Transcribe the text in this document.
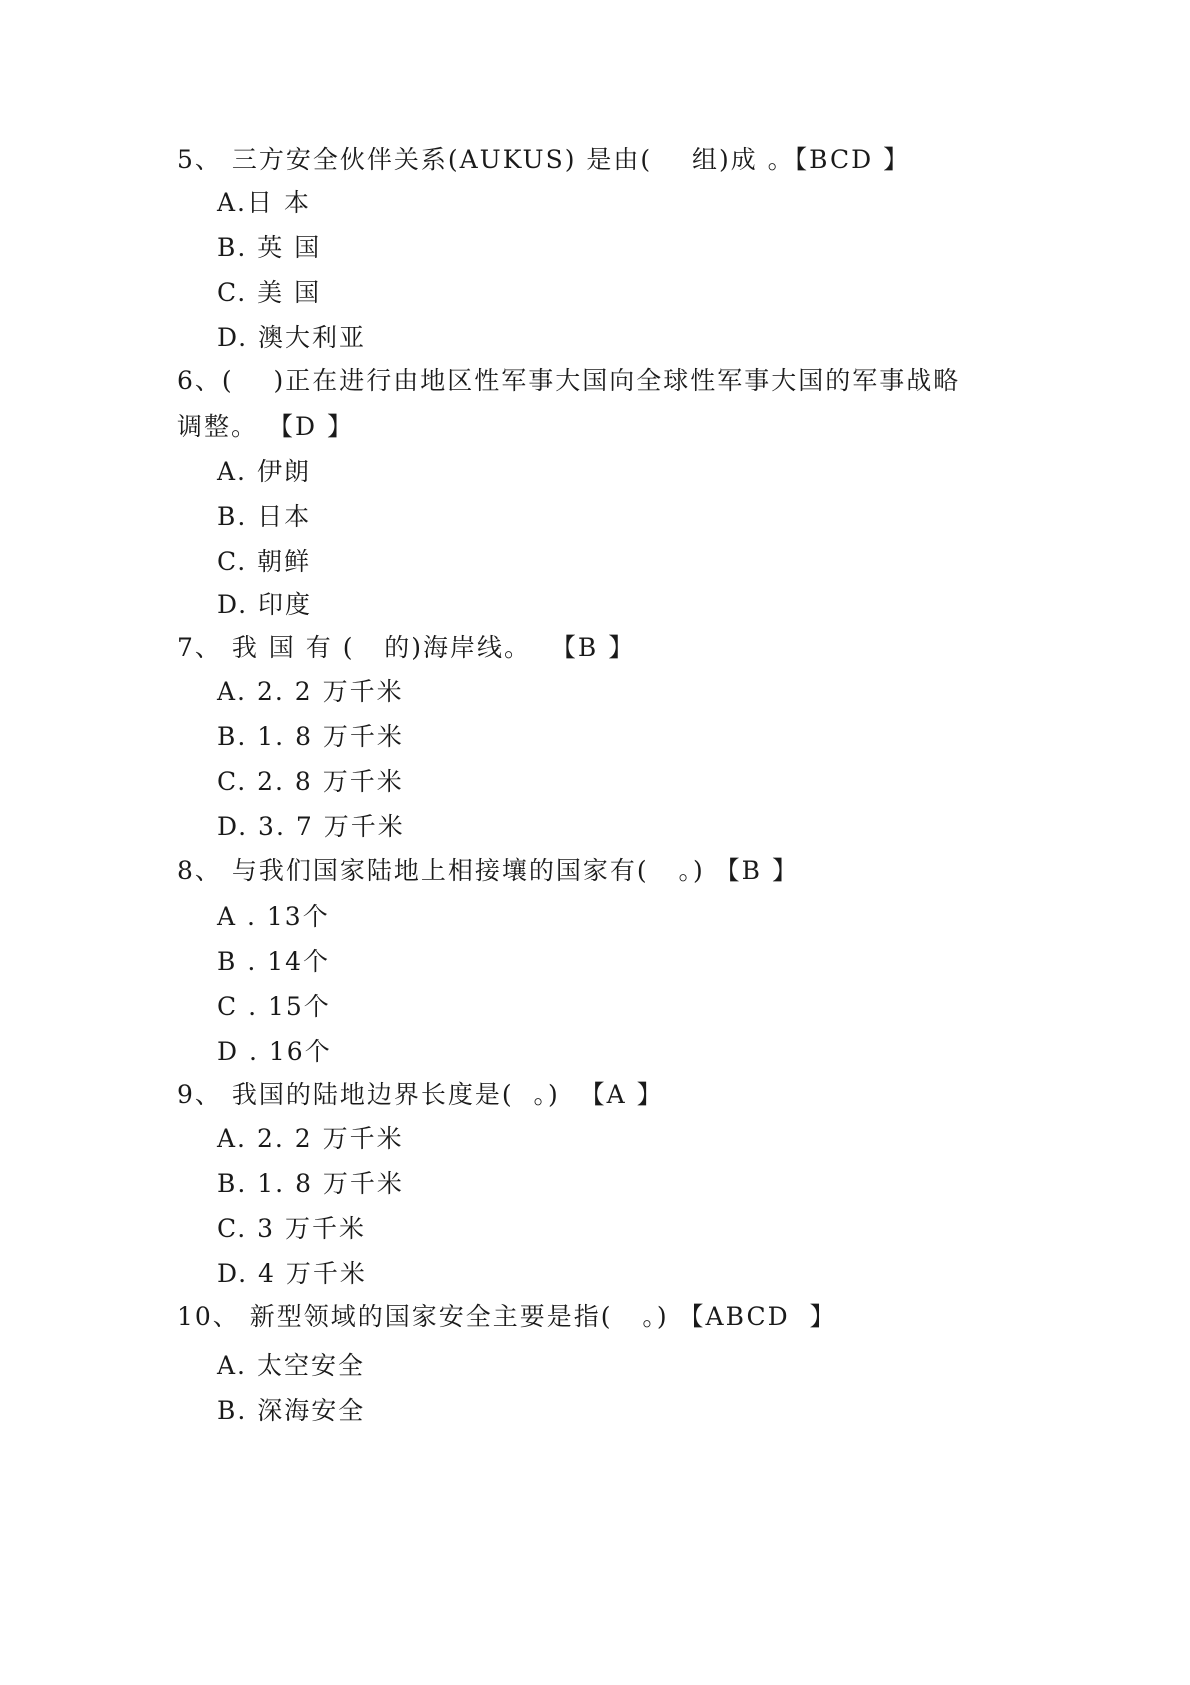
5、 三方安全伙伴关系(AUKUS) 是由(    组)成 。【BCD 】
A.日 本
B. 英 国
C. 美 国
D. 澳大利亚
6、(    )正在进行由地区性军事大国向全球性军事大国的军事战略
调整。 【D 】
A. 伊朗
B. 日本
C. 朝鲜
D. 印度
7、 我 国 有 (   的)海岸线。  【B 】
A. 2. 2 万千米
B. 1. 8 万千米
C. 2. 8 万千米
D. 3. 7 万千米
8、 与我们国家陆地上相接壤的国家有(   。) 【B 】
A . 13个
B . 14个
C . 15个
D . 16个
9、 我国的陆地边界长度是(  。)  【A 】
A. 2. 2 万千米
B. 1. 8 万千米
C. 3 万千米
D. 4 万千米
10、 新型领域的国家安全主要是指(   。) 【ABCD  】
A. 太空安全
B. 深海安全
